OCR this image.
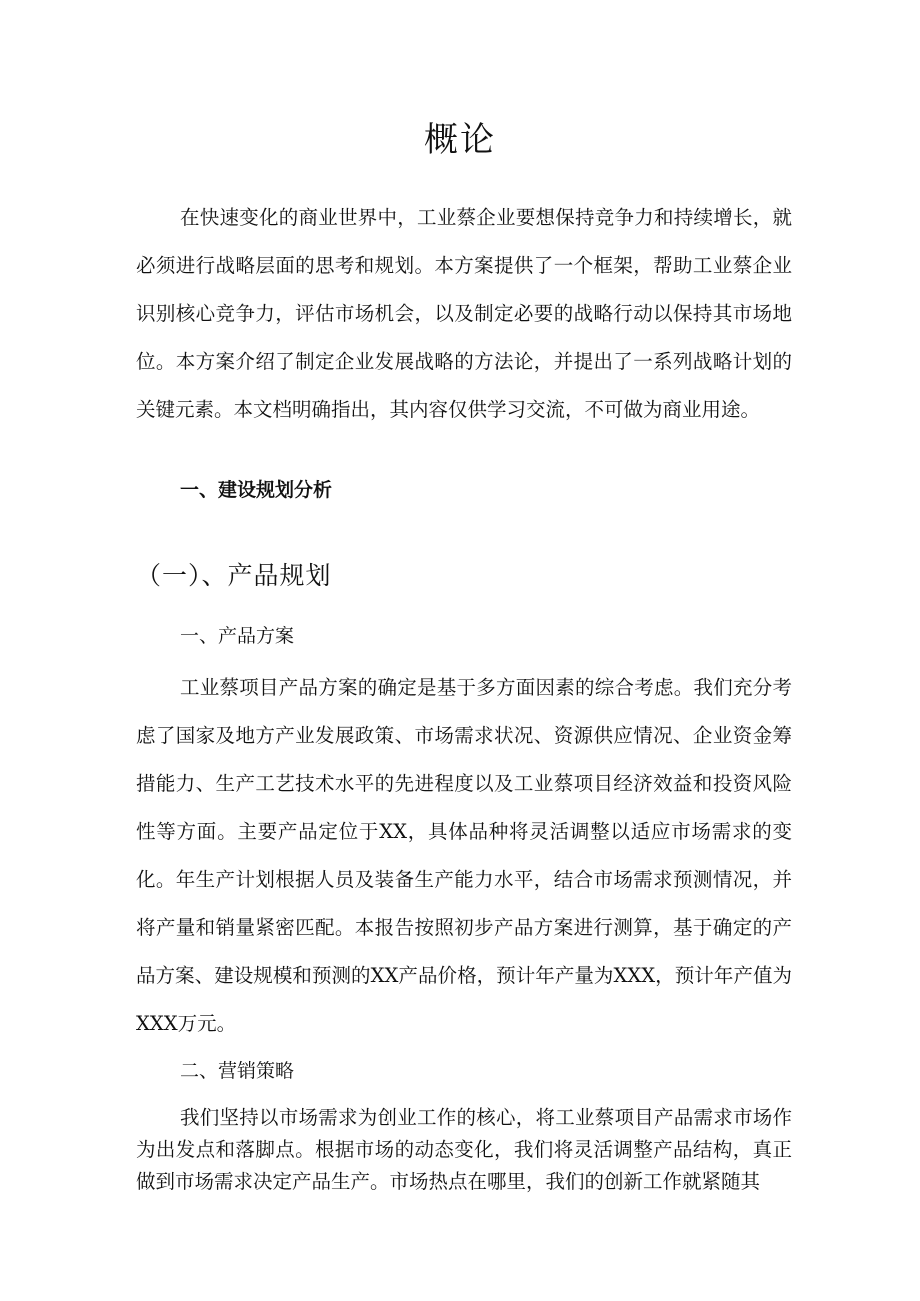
概论

在快速变化的商业世界中，工业蔡企业要想保持竞争力和持续增长，就必须进行战略层面的思考和规划。本方案提供了一个框架，帮助工业蔡企业识别核心竞争力，评估市场机会，以及制定必要的战略行动以保持其市场地位。本方案介绍了制定企业发展战略的方法论，并提出了一系列战略计划的关键元素。本文档明确指出，其内容仅供学习交流，不可做为商业用途。

一、建设规划分析
（一）、产品规划
一、产品方案

工业蔡项目产品方案的确定是基于多方面因素的综合考虑。我们充分考虑了国家及地方产业发展政策、市场需求状况、资源供应情况、企业资金筹措能力、生产工艺技术水平的先进程度以及工业蔡项目经济效益和投资风险性等方面。主要产品定位于XX，具体品种将灵活调整以适应市场需求的变化。年生产计划根据人员及装备生产能力水平，结合市场需求预测情况，并将产量和销量紧密匹配。本报告按照初步产品方案进行测算，基于确定的产品方案、建设规模和预测的XX产品价格，预计年产量为XXX，预计年产值为XXX万元。

二、营销策略

我们坚持以市场需求为创业工作的核心，将工业蔡项目产品需求市场作为出发点和落脚点。根据市场的动态变化，我们将灵活调整产品结构，真正做到市场需求决定产品生产。市场热点在哪里，我们的创新工作就紧随其
